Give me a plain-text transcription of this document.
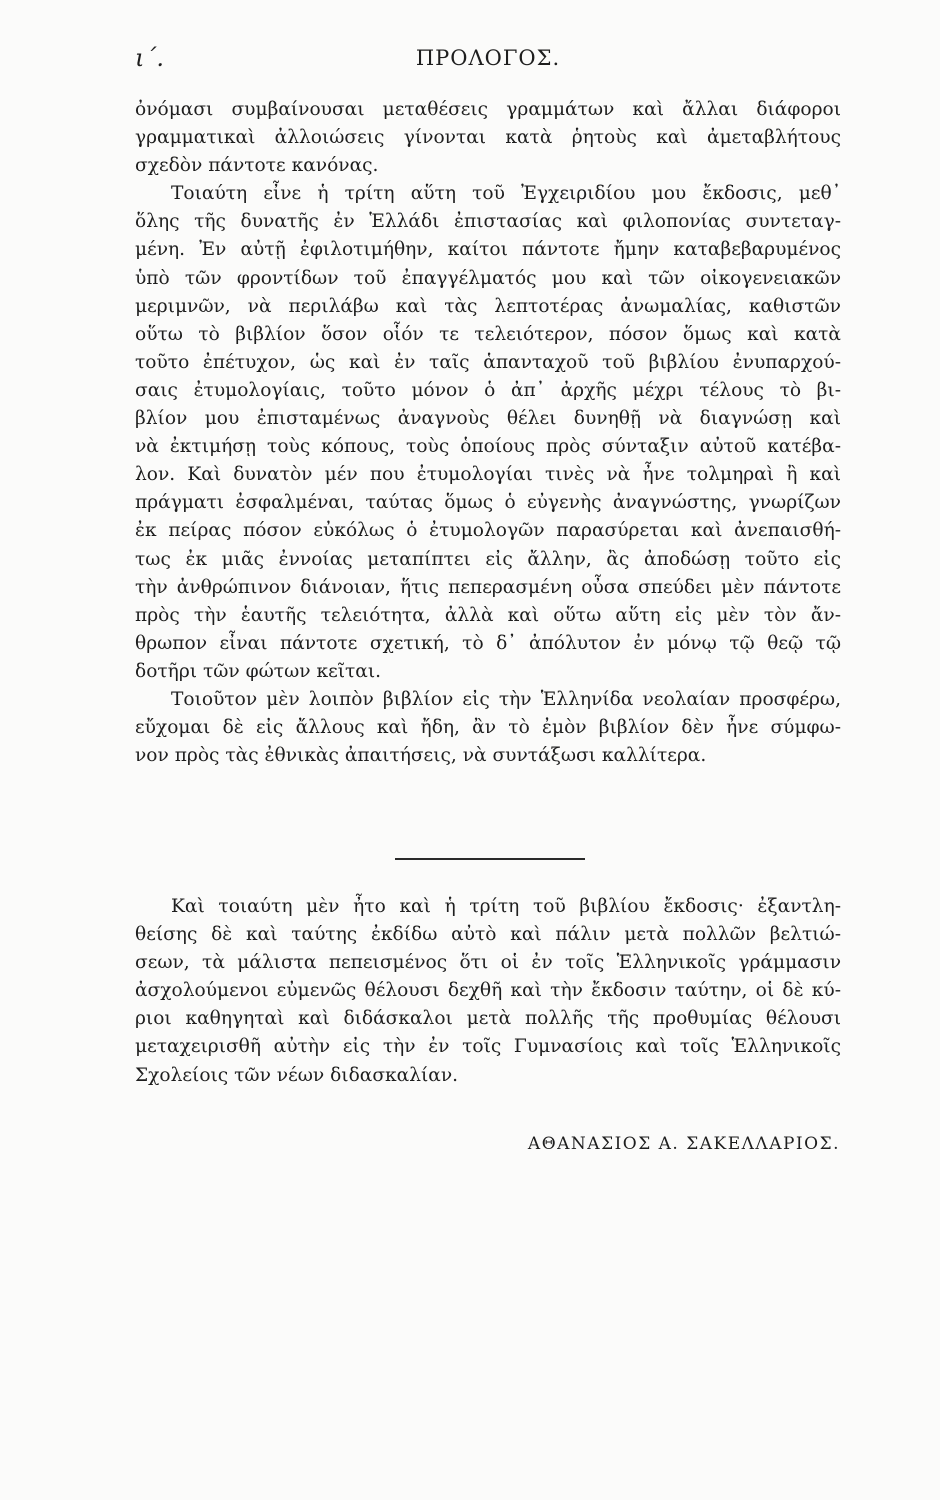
ι΄.	ΠΡΟΛΟΓΟΣ.
ὀνόμασι συμβαίνουσαι μεταθέσεις γραμμάτων καὶ ἄλλαι διάφοροι
γραμματικαὶ ἀλλοιώσεις γίνονται κατὰ ῥητοὺς καὶ ἀμεταβλήτους
σχεδὸν πάντοτε κανόνας.
Τοιαύτη εἶνε ἡ τρίτη αὕτη τοῦ Ἐγχειριδίου μου ἔκδοσις, μεθ᾽
ὅλης τῆς δυνατῆς ἐν Ἑλλάδι ἐπιστασίας καὶ φιλοπονίας συντεταγ-
μένη. Ἐν αὐτῇ ἐφιλοτιμήθην, καίτοι πάντοτε ἤμην καταβεβαρυμένος
ὑπὸ τῶν φροντίδων τοῦ ἐπαγγέλματός μου καὶ τῶν οἰκογενειακῶν
μεριμνῶν, νὰ περιλάβω καὶ τὰς λεπτοτέρας ἀνωμαλίας, καθιστῶν
οὕτω τὸ βιβλίον ὅσον οἷόν τε τελειότερον, πόσον ὅμως καὶ κατὰ
τοῦτο ἐπέτυχον, ὡς καὶ ἐν ταῖς ἁπανταχοῦ τοῦ βιβλίου ἐνυπαρχού-
σαις ἐτυμολογίαις, τοῦτο μόνον ὁ ἀπ᾽ ἀρχῆς μέχρι τέλους τὸ βι-
βλίον μου ἐπισταμένως ἀναγνοὺς θέλει δυνηθῇ νὰ διαγνώσῃ καὶ
νὰ ἐκτιμήσῃ τοὺς κόπους, τοὺς ὁποίους πρὸς σύνταξιν αὐτοῦ κατέβα-
λον. Καὶ δυνατὸν μέν που ἐτυμολογίαι τινὲς νὰ ἦνε τολμηραὶ ἢ καὶ
πράγματι ἐσφαλμέναι, ταύτας ὅμως ὁ εὐγενὴς ἀναγνώστης, γνωρίζων
ἐκ πείρας πόσον εὐκόλως ὁ ἐτυμολογῶν παρασύρεται καὶ ἀνεπαισθή-
τως ἐκ μιᾶς ἐννοίας μεταπίπτει εἰς ἄλλην, ἂς ἀποδώσῃ τοῦτο εἰς
τὴν ἀνθρώπινον διάνοιαν, ἥτις πεπερασμένη οὖσα σπεύδει μὲν πάντοτε
πρὸς τὴν ἑαυτῆς τελειότητα, ἀλλὰ καὶ οὕτω αὕτη εἰς μὲν τὸν ἄν-
θρωπον εἶναι πάντοτε σχετική, τὸ δ᾽ ἀπόλυτον ἐν μόνῳ τῷ θεῷ τῷ
δοτῆρι τῶν φώτων κεῖται.
Τοιοῦτον μὲν λοιπὸν βιβλίον εἰς τὴν Ἑλληνίδα νεολαίαν προσφέρω,
εὔχομαι δὲ εἰς ἄλλους καὶ ἤδη, ἂν τὸ ἐμὸν βιβλίον δὲν ἦνε σύμφω-
νον πρὸς τὰς ἐθνικὰς ἀπαιτήσεις, νὰ συντάξωσι καλλίτερα.
Καὶ τοιαύτη μὲν ἦτο καὶ ἡ τρίτη τοῦ βιβλίου ἔκδοσις· ἐξαντλη-
θείσης δὲ καὶ ταύτης ἐκδίδω αὐτὸ καὶ πάλιν μετὰ πολλῶν βελτιώ-
σεων, τὰ μάλιστα πεπεισμένος ὅτι οἱ ἐν τοῖς Ἑλληνικοῖς γράμμασιν
ἀσχολούμενοι εὐμενῶς θέλουσι δεχθῆ καὶ τὴν ἔκδοσιν ταύτην, οἱ δὲ κύ-
ριοι καθηγηταὶ καὶ διδάσκαλοι μετὰ πολλῆς τῆς προθυμίας θέλουσι
μεταχειρισθῆ αὐτὴν εἰς τὴν ἐν τοῖς Γυμνασίοις καὶ τοῖς Ἑλληνικοῖς
Σχολείοις τῶν νέων διδασκαλίαν.
ΑΘΑΝΑΣΙΟΣ Α. ΣΑΚΕΛΛΑΡΙΟΣ.
